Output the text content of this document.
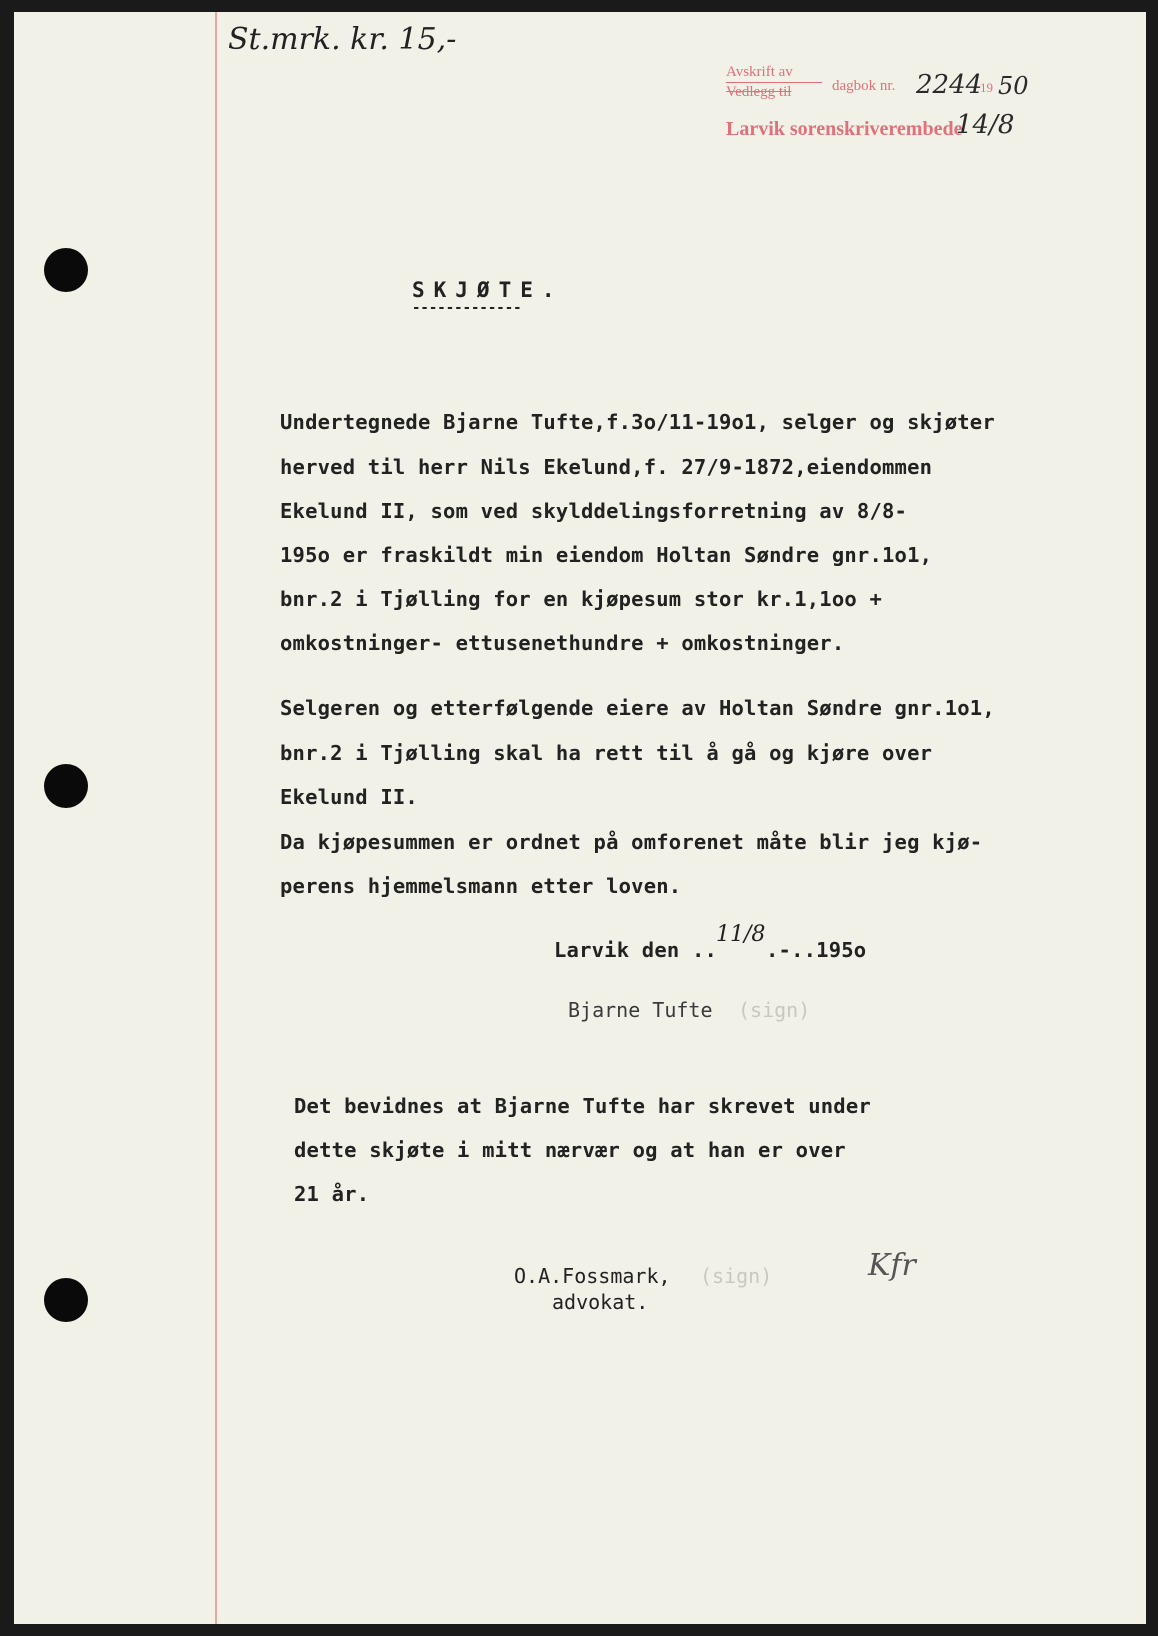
St.mrk. kr. 15,-
Avskrift av
dagbok nr. 2244
19 50
Vedlegg til
Larvik sorenskriverembede
14/8
SKJØTE.
-------------
Undertegnede Bjarne Tufte,f.3o/11-19o1, selger og skjøter
herved til herr Nils Ekelund,f. 27/9-1872,eiendommen
Ekelund II, som ved skylddelingsforretning av 8/8-
195o er fraskildt min eiendom Holtan Søndre gnr.1o1,
bnr.2 i Tjølling for en kjøpesum stor kr.1,1oo +
omkostninger- ettusenethundre + omkostninger.
Selgeren og etterfølgende eiere av Holtan Søndre gnr.1o1,
bnr.2 i Tjølling skal ha rett til å gå og kjøre over
Ekelund II.
Da kjøpesummen er ordnet på omforenet måte blir jeg kjø-
perens hjemmelsmann etter loven.
Larvik den ..
11/8
.-..195o
Bjarne Tufte (sign)
Det bevidnes at Bjarne Tufte har skrevet under
dette skjøte i mitt nærvær og at han er over
21 år.
O.A.Fossmark, (sign)
advokat.
Kfr
